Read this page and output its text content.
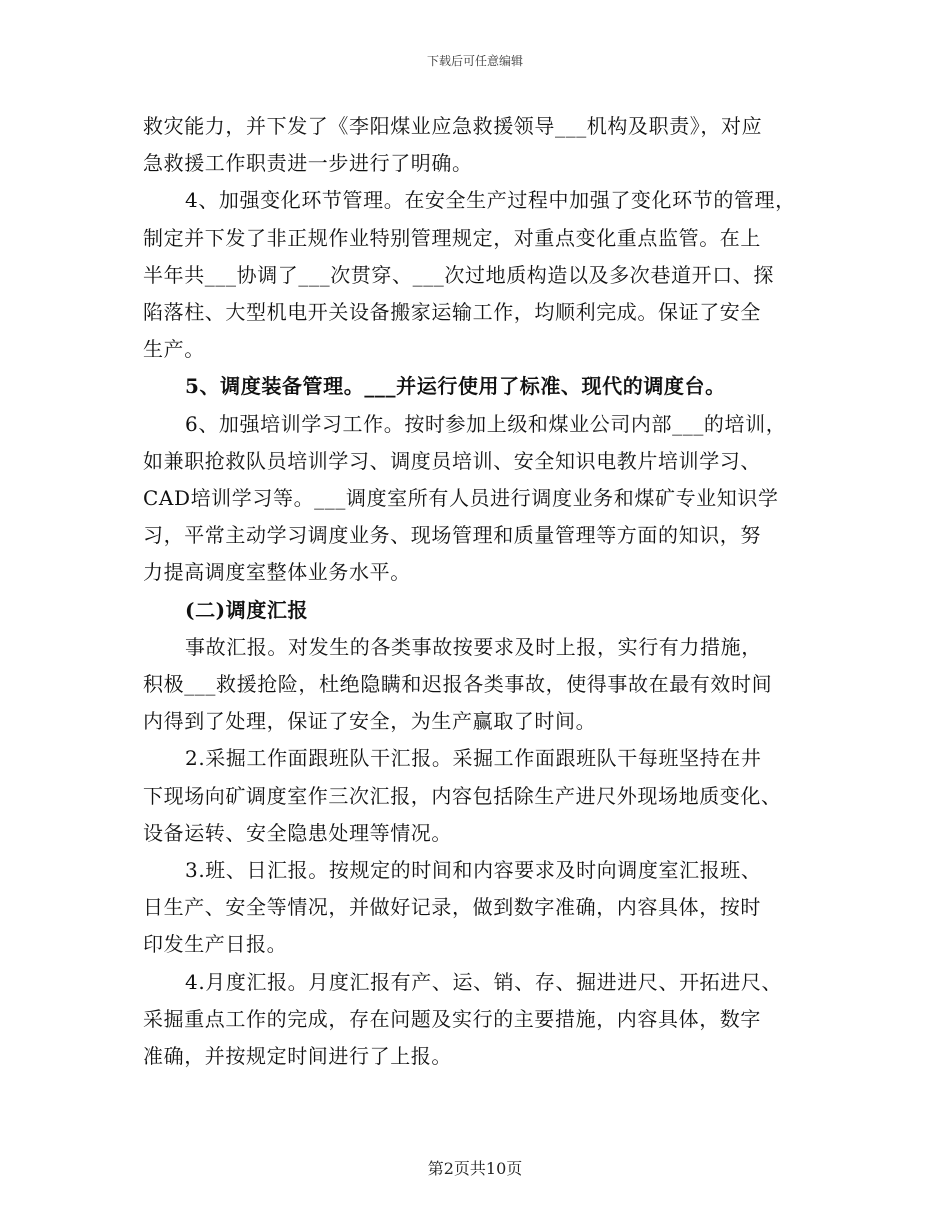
下载后可任意编辑

救灾能力，并下发了《李阳煤业应急救援领导___机构及职责》，对应

急救援工作职责进一步进行了明确。

4、加强变化环节管理。在安全生产过程中加强了变化环节的管理，

制定并下发了非正规作业特别管理规定，对重点变化重点监管。在上

半年共___协调了___次贯穿、___次过地质构造以及多次巷道开口、探

陷落柱、大型机电开关设备搬家运输工作，均顺利完成。保证了安全

生产。

5、调度装备管理。___并运行使用了标准、现代的调度台。

6、加强培训学习工作。按时参加上级和煤业公司内部___的培训，

如兼职抢救队员培训学习、调度员培训、安全知识电教片培训学习、

CAD培训学习等。___调度室所有人员进行调度业务和煤矿专业知识学

习，平常主动学习调度业务、现场管理和质量管理等方面的知识，努

力提高调度室整体业务水平。

(二)调度汇报

事故汇报。对发生的各类事故按要求及时上报，实行有力措施，

积极___救援抢险，杜绝隐瞒和迟报各类事故，使得事故在最有效时间

内得到了处理，保证了安全，为生产赢取了时间。

2.采掘工作面跟班队干汇报。采掘工作面跟班队干每班坚持在井

下现场向矿调度室作三次汇报，内容包括除生产进尺外现场地质变化、

设备运转、安全隐患处理等情况。

3.班、日汇报。按规定的时间和内容要求及时向调度室汇报班、

日生产、安全等情况，并做好记录，做到数字准确，内容具体，按时

印发生产日报。

4.月度汇报。月度汇报有产、运、销、存、掘进进尺、开拓进尺、

采掘重点工作的完成，存在问题及实行的主要措施，内容具体，数字

准确，并按规定时间进行了上报。

第2页共10页
